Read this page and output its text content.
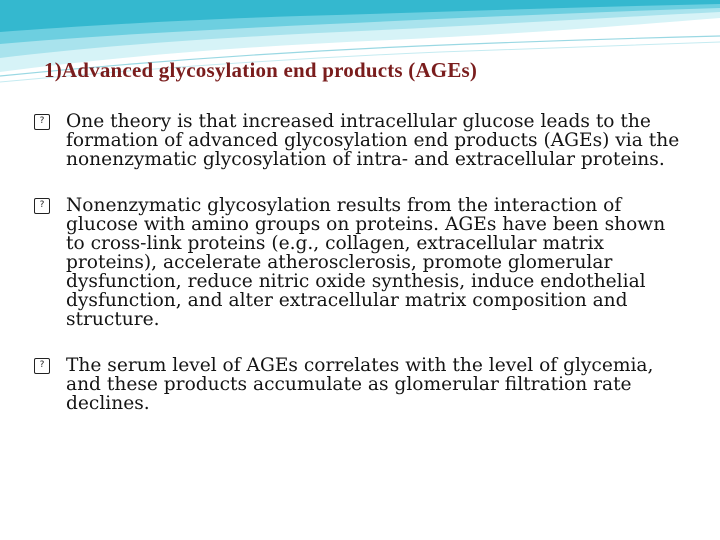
1)Advanced glycosylation end products (AGEs)
?	One theory is that increased intracellular glucose leads to the formation of advanced glycosylation end products (AGEs) via the nonenzymatic glycosylation of intra- and extracellular proteins.
?	Nonenzymatic glycosylation results from the interaction of glucose with amino groups on proteins. AGEs have been shown to cross-link proteins (e.g., collagen, extracellular matrix proteins), accelerate atherosclerosis, promote glomerular dysfunction, reduce nitric oxide synthesis, induce endothelial dysfunction, and alter extracellular matrix composition and structure.
?	The serum level of AGEs correlates with the level of glycemia, and these products accumulate as glomerular filtration rate declines.
